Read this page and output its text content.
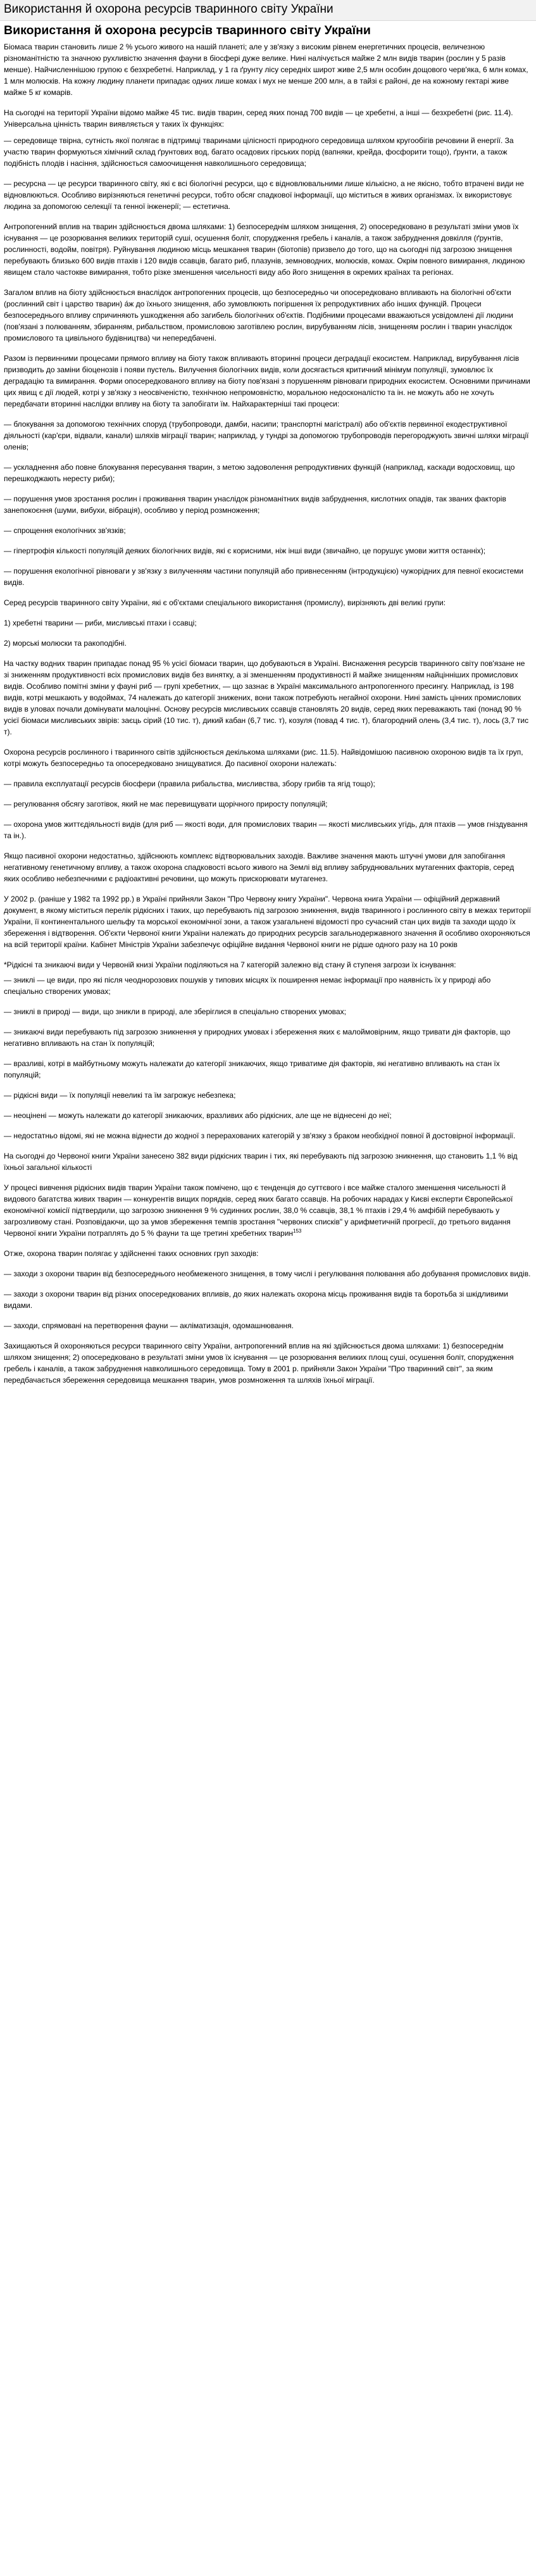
Використання й охорона ресурсів тваринного світу України
Використання й охорона ресурсів тваринного світу України

Біомаса тварин становить лише 2 % усього живого на нашій планеті; але у зв'язку з високим рівнем енергетичних процесів, величезною різноманітністю та значною рухливістю значення фауни в біосфері дуже велике. Нині налічується майже 2 млн видів тварин (рослин у 5 разів менше). Найчисленнішою групою є безхребетні. Наприклад, у 1 га ґрунту лісу середніх широт живе 2,5 млн особин дощового черв'яка, 6 млн комах, 1 млн молюсків. На кожну людину планети припадає одних лише комах і мух не менше 200 млн, а в тайзі є районі, де на кожному гектарі живе майже 5 кг комарів.

На сьогодні на території України відомо майже 45 тис. видів тварин, серед яких понад 700 видів — це хребетні, а інші — безхребетні (рис. 11.4). Універсальна цінність тварин виявляється у таких їх функціях:

— середовище твірна, сутність якої полягає в підтримці тваринами цілісності природного середовища шляхом кругообігів речовини й енергії. За участю тварин формуються хімічний склад ґрунтових вод, багато осадових гірських порід (вапняки, крейда, фосфорити тощо), ґрунти, а також подібність плодів і насіння, здійснюється самоочищення навколишнього середовища;

— ресурсна — це ресурси тваринного світу, які є всі біологічні ресурси, що є відновлювальними лише кількісно, а не якісно, тобто втрачені види не відновлюються. Особливо вирізняються генетичні ресурси, тобто обсяг спадкової інформації, що міститься в живих організмах. їх використовує людина за допомогою селекції та генної інженерії; — естетична.

Антропогенний вплив на тварин здійснюється двома шляхами: 1) безпосереднім шляхом знищення, 2) опосередковано в результаті зміни умов їх існування — це розорювання великих територій суші, осушення боліт, спорудження гребель і каналів, а також забруднення довкілля (ґрунтів, рослинності, водойм, повітря). Руйнування людиною місць мешкання тварин (біотопів) призвело до того, що на сьогодні під загрозою знищення перебувають близько 600 видів птахів і 120 видів ссавців, багато риб, плазунів, земноводних, молюсків, комах. Окрім повного вимирання, людиною явищем стало частокве вимирання, тобто різке зменшення чисельності виду або його знищення в окремих країнах та регіонах.

Загалом вплив на біоту здійснюється внаслідок антропогенних процесів, що безпосередньо чи опосередковано впливають на біологічні об'єкти (рослинний світ і царство тварин) а́ж до їхнього знищення, або зумовлюють погіршення їх репродуктивних або інших функцій. Процеси безпосереднього впливу спричиняють ушкодження або загибель біологічних об'єктів. Подібними процесами вважаються усвідомлені дії людини (пов'язані з полюванням, збиранням, рибальством, промисловою заготівлею рослин, вирубуванням лісів, знищенням рослин і тварин унаслідок промислового та цивільного будівництва) чи непередбачені.

Разом із первинними процесами прямого впливу на біоту також впливають вторинні процеси деградації екосистем. Наприклад, вирубування лісів призводить до заміни біоценозів і появи пустель. Вилучення біологічних видів, коли досягається критичний мінімум популяції, зумовлює їх деградацію та вимирання. Форми опосередкованого впливу на біоту пов'язані з порушенням рівноваги природних екосистем. Основними причинами цих явищ є дії людей, котрі у зв'язку з неосвіченістю, технічною непромовністю, моральною недосконалістю та ін. не можуть або не хочуть передбачати вторинні наслідки впливу на біоту та запобігати їм. Найхарактерніші такі процеси:

— блокування за допомогою технічних споруд (трубопроводи, дамби, насипи; транспортні магістралі) або об'єктів первинної екодеструктивної діяльності (кар'єри, відвали, канали) шляхів міграції тварин; наприклад, у тундрі за допомогою трубопроводів перегороджують звичні шляхи міграції оленів;

— ускладнення або повне блокування пересування тварин, з метою задоволення репродуктивних функцій (наприклад, каскади водосховищ, що перешкоджають нересту риби);

— порушення умов зростання рослин і проживання тварин унаслідок різноманітних видів забруднення, кислотних опадів, так званих факторів занепокоєння (шуми, вибухи, вібрація), особливо у період розмноження;

— спрощення екологічних зв'язків;

— гіпертрофія кількості популяцій деяких біологічних видів, які є корисними, ніж інші види (звичайно, це порушує умови життя останніх);

— порушення екологічної рівноваги у зв'язку з вилученням частини популяцій або привнесенням (інтродукцією) чужорідних для певної екосистеми видів.

Серед ресурсів тваринного світу України, які є об'єктами спеціального використання (промислу), вирізняють дві великі групи:

1) хребетні тварини — риби, мисливські птахи і ссавці;

2) морські молюски та ракоподібні.

На частку водних тварин припадає понад 95 % усієї біомаси тварин, що добуваються в Україні. Виснаження ресурсів тваринного світу пов'язане не зі зниженням продуктивності всіх промислових видів без винятку, а зі зменшенням продуктивності й майже знищенням найцінніших промислових видів. Особливо помітні зміни у фауні риб — групі хребетних, — що зазнає в Україні максимального антропогенного пресингу. Наприклад, із 198 видів, котрі мешкають у водоймах, 74 належать до категорії знижених, вони також потребують негайної охорони. Нині замість цінних промислових видів в уловах почали домінувати малоцінні. Основу ресурсів мисливських ссавців становлять 20 видів, серед яких переважають такі (понад 90 % усієї біомаси мисливських звірів: заєць сірий (10 тис. т), дикий кабан (6,7 тис. т), козуля (повад 4 тис. т), благородний олень (3,4 тис. т), лось (3,7 тис т).

Охорона ресурсів рослинного і тваринного світів здійснюється декількома шляхами (рис. 11.5). Найвідомішою пасивною охороною видів та їх груп, котрі можуть безпосередньо та опосередковано знищуватися. До пасивної охорони належать:

— правила експлуатації ресурсів біосфери (правила рибальства, мисливства, збору грибів та ягід тощо);

— регулювання обсягу заготівок, який не має перевищувати щорічного приросту популяцій;

— охорона умов життєдіяльності видів (для риб — якості води, для промислових тварин — якості мисливських угідь, для птахів — умов гніздування та ін.).

Якщо пасивної охорони недостатньо, здійснюють комплекс відтворювальних заходів. Важливе значення мають штучні умови для запобігання негативному генетичному впливу, а також охорона спадковості всього живого на Землі від впливу забруднювальних мутагенних факторів, серед яких особливо небезпечними є радіоактивні речовини, що можуть прискорювати мутагенез.

У 2002 р. (раніше у 1982 та 1992 рр.) в Україні прийняли Закон "Про Червону книгу України". Червона книга України — офіційний державний документ, в якому міститься перелік рідкісних і таких, що перебувають під загрозою зникнення, видів тваринного і рослинного світу в межах території України, її континентального шельфу та морської економічної зони, а також узагальнені відомості про сучасний стан цих видів та заходи щодо їх збереження і відтворення. Об'єкти Червоної книги України належать до природних ресурсів загальнодержавного значення й особливо охороняються на всій території країни. Кабінет Міністрів України забезпечує офіційне видання Червоної книги не рідше одного разу на 10 років

*Рідкісні та зникаючі види у Червоній книзі України поділяються на 7 категорій залежно від стану й ступеня загрози їх існування:

— зниклі — це види, про які після чеоднорозових пошуків у типових місцях їх поширення немає інформації про наявність їх у природі або спеціально створених умовах;

— зниклі в природі — види, що зникли в природі, але зберіглися в спеціально створених умовах;

— зникаючі види перебувають під загрозою зникнення у природних умовах і збереження яких є малоймовірним, якщо тривати дія факторів, що негативно впливають на стан їх популяцій;

— вразливі, котрі в майбутньому можуть належати до категорії зникаючих, якщо триватиме дія факторів, які негативно впливають на стан їх популяцій;

— рідкісні види — їх популяції невеликі та їм загрожує небезпека;

— неоцінені — можуть належати до категорії зникаючих, вразливих або рідкісних, але ще не віднесені до неї;

— недостатньо відомі, які не можна віднести до жодної з перерахованих категорій у зв'язку з браком необхідної повної й достовірної інформації.

На сьогодні до Червоної книги України занесено 382 види рідкісних тварин і тих, які перебувають під загрозою зникнення, що становить 1,1 % від їхньої загальної кількості

У процесі вивчення рідкісних видів тварин України також помічено, що є тенденція до суттєвого і все майже сталого зменшення чисельності й видового багатства живих тварин — конкурентів вищих порядків, серед яких багато ссавців. На робочих нарадах у Києві експерти Європейської економічної комісії підтвердили, що загрозою зникнення 9 % судинних рослин, 38,0 % ссавців, 38,1 % птахів і 29,4 % амфібій перебувають у загрозливому стані. Розповідаючи, що за умов збереження темпів зростання "червоних списків" у арифметичній прогресії, до третього видання Червоної книги України потраплять до 5 % фауни та ще третині хребетних тварин$^{153}$

Отже, охорона тварин полягає у здійсненні таких основних груп заходів:

— заходи з охорони тварин від безпосереднього необмеженого знищення, в тому числі і регулювання полювання або добування промислових видів.

— заходи з охорони тварин від різних опосередкованих впливів, до яких належать охорона місць проживання видів та боротьба зі шкідливими видами.

— заходи, спрямовані на перетворення фауни — акліматизація, одомашнювання.

Захищаються й охороняються ресурси тваринного світу України, антропогенний вплив на які здійснюється двома шляхами: 1) безпосереднім шляхом знищення; 2) опосередковано в результаті зміни умов їх існування — це розорювання великих площ суші, осушення боліт, спорудження гребель і каналів, а також забруднення навколишнього середовища. Тому в 2001 р. прийняли Закон України "Про тваринний світ", за яким передбачається збереження середовища мешкання тварин, умов розмноження та шляхів їхньої міграції.
